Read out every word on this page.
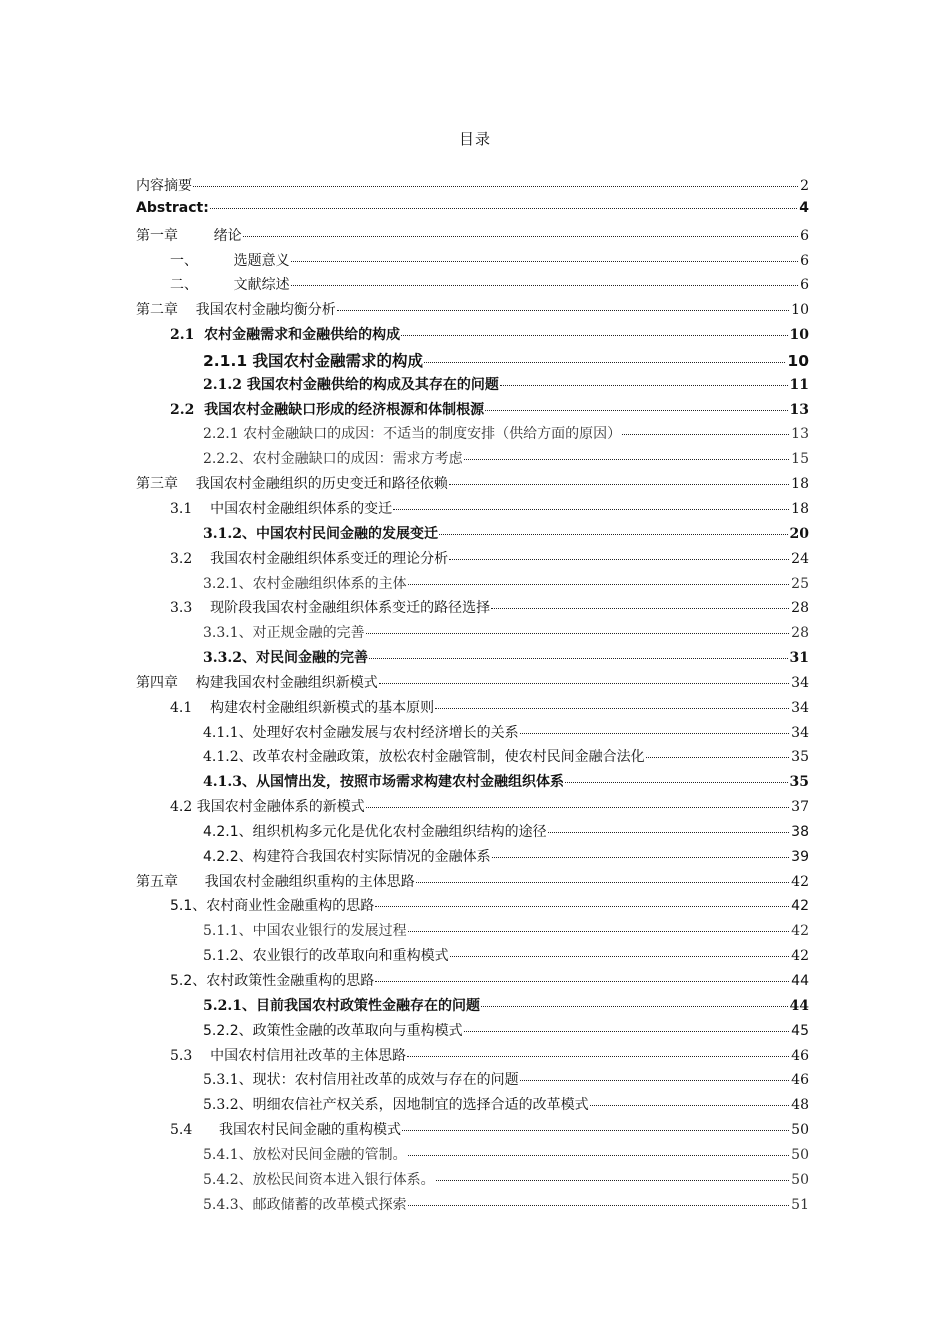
目录
内容摘要	2
Abstract:	4
第一章        绪论	6
一、        选题意义	6
二、        文献综述	6
第二章    我国农村金融均衡分析	10
2.1  农村金融需求和金融供给的构成	10
2.1.1 我国农村金融需求的构成	10
2.1.2 我国农村金融供给的构成及其存在的问题	11
2.2  我国农村金融缺口形成的经济根源和体制根源	13
2.2.1 农村金融缺口的成因：不适当的制度安排（供给方面的原因）	13
2.2.2、农村金融缺口的成因：需求方考虑	15
第三章    我国农村金融组织的历史变迁和路径依赖	18
3.1    中国农村金融组织体系的变迁	18
3.1.2、中国农村民间金融的发展变迁	20
3.2    我国农村金融组织体系变迁的理论分析	24
3.2.1、农村金融组织体系的主体	25
3.3    现阶段我国农村金融组织体系变迁的路径选择	28
3.3.1、对正规金融的完善	28
3.3.2、对民间金融的完善	31
第四章    构建我国农村金融组织新模式	34
4.1    构建农村金融组织新模式的基本原则	34
4.1.1、处理好农村金融发展与农村经济增长的关系	34
4.1.2、改革农村金融政策，放松农村金融管制，使农村民间金融合法化	35
4.1.3、从国情出发，按照市场需求构建农村金融组织体系	35
4.2 我国农村金融体系的新模式	37
4.2.1、组织机构多元化是优化农村金融组织结构的途径	38
4.2.2、构建符合我国农村实际情况的金融体系	39
第五章      我国农村金融组织重构的主体思路	42
5.1、农村商业性金融重构的思路	42
5.1.1、中国农业银行的发展过程	42
5.1.2、农业银行的改革取向和重构模式	42
5.2、农村政策性金融重构的思路	44
5.2.1、目前我国农村政策性金融存在的问题	44
5.2.2、政策性金融的改革取向与重构模式	45
5.3    中国农村信用社改革的主体思路	46
5.3.1、现状：农村信用社改革的成效与存在的问题	46
5.3.2、明细农信社产权关系，因地制宜的选择合适的改革模式	48
5.4      我国农村民间金融的重构模式	50
5.4.1、放松对民间金融的管制。	50
5.4.2、放松民间资本进入银行体系。	50
5.4.3、邮政储蓄的改革模式探索	51
